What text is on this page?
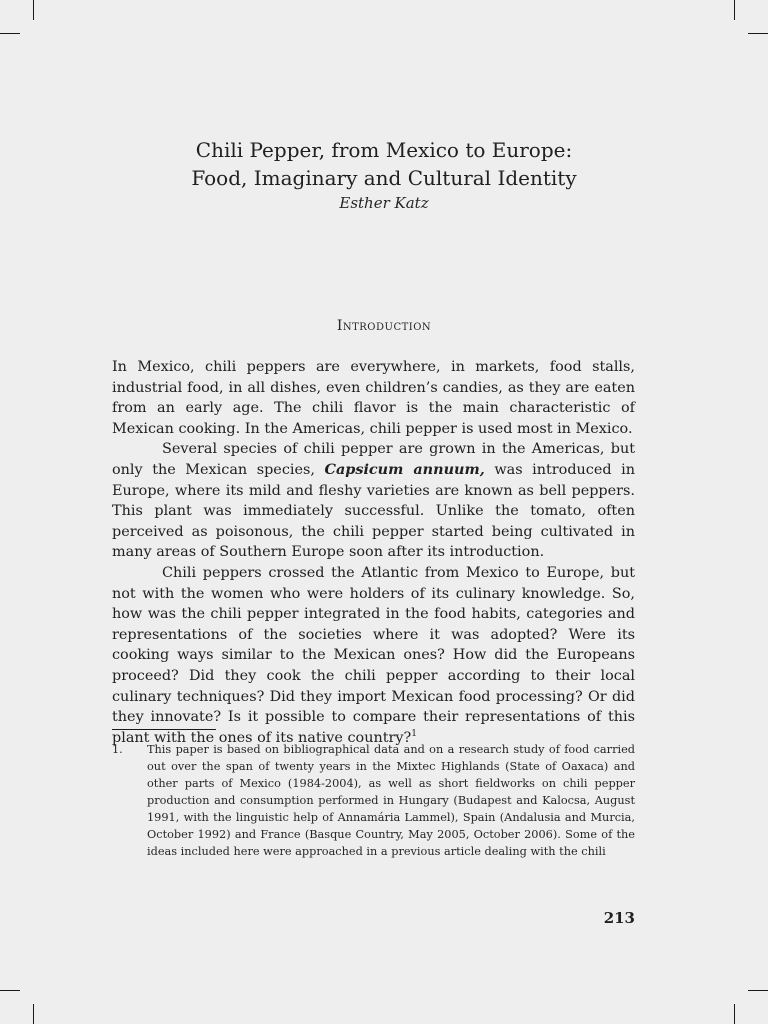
Chili Pepper, from Mexico to Europe:
Food, Imaginary and Cultural Identity
Esther Katz
Introduction

In Mexico, chili peppers are everywhere, in markets, food stalls, industrial food, in all dishes, even children’s candies, as they are eaten from an early age. The chili flavor is the main characteristic of Mexican cooking. In the Americas, chili pepper is used most in Mexico.

Several species of chili pepper are grown in the Americas, but only the Mexican species, Capsicum annuum, was introduced in Europe, where its mild and fleshy varieties are known as bell peppers. This plant was immediately successful. Unlike the tomato, often perceived as poisonous, the chili pepper started being cultivated in many areas of Southern Europe soon after its introduction.

Chili peppers crossed the Atlantic from Mexico to Europe, but not with the women who were holders of its culinary knowledge. So, how was the chili pepper integrated in the food habits, categories and representations of the societies where it was adopted? Were its cooking ways similar to the Mexican ones? How did the Europeans proceed? Did they cook the chili pepper according to their local culinary techniques? Did they import Mexican food processing? Or did they innovate? Is it possible to compare their representations of this plant with the ones of its native country?$^1$

1. This paper is based on bibliographical data and on a research study of food carried out over the span of twenty years in the Mixtec Highlands (State of Oaxaca) and other parts of Mexico (1984-2004), as well as short fieldworks on chili pepper production and consumption performed in Hungary (Budapest and Kalocsa, August 1991, with the linguistic help of Annamária Lammel), Spain (Andalusia and Murcia, October 1992) and France (Basque Country, May 2005, October 2006). Some of the ideas included here were approached in a previous article dealing with the chili
213
